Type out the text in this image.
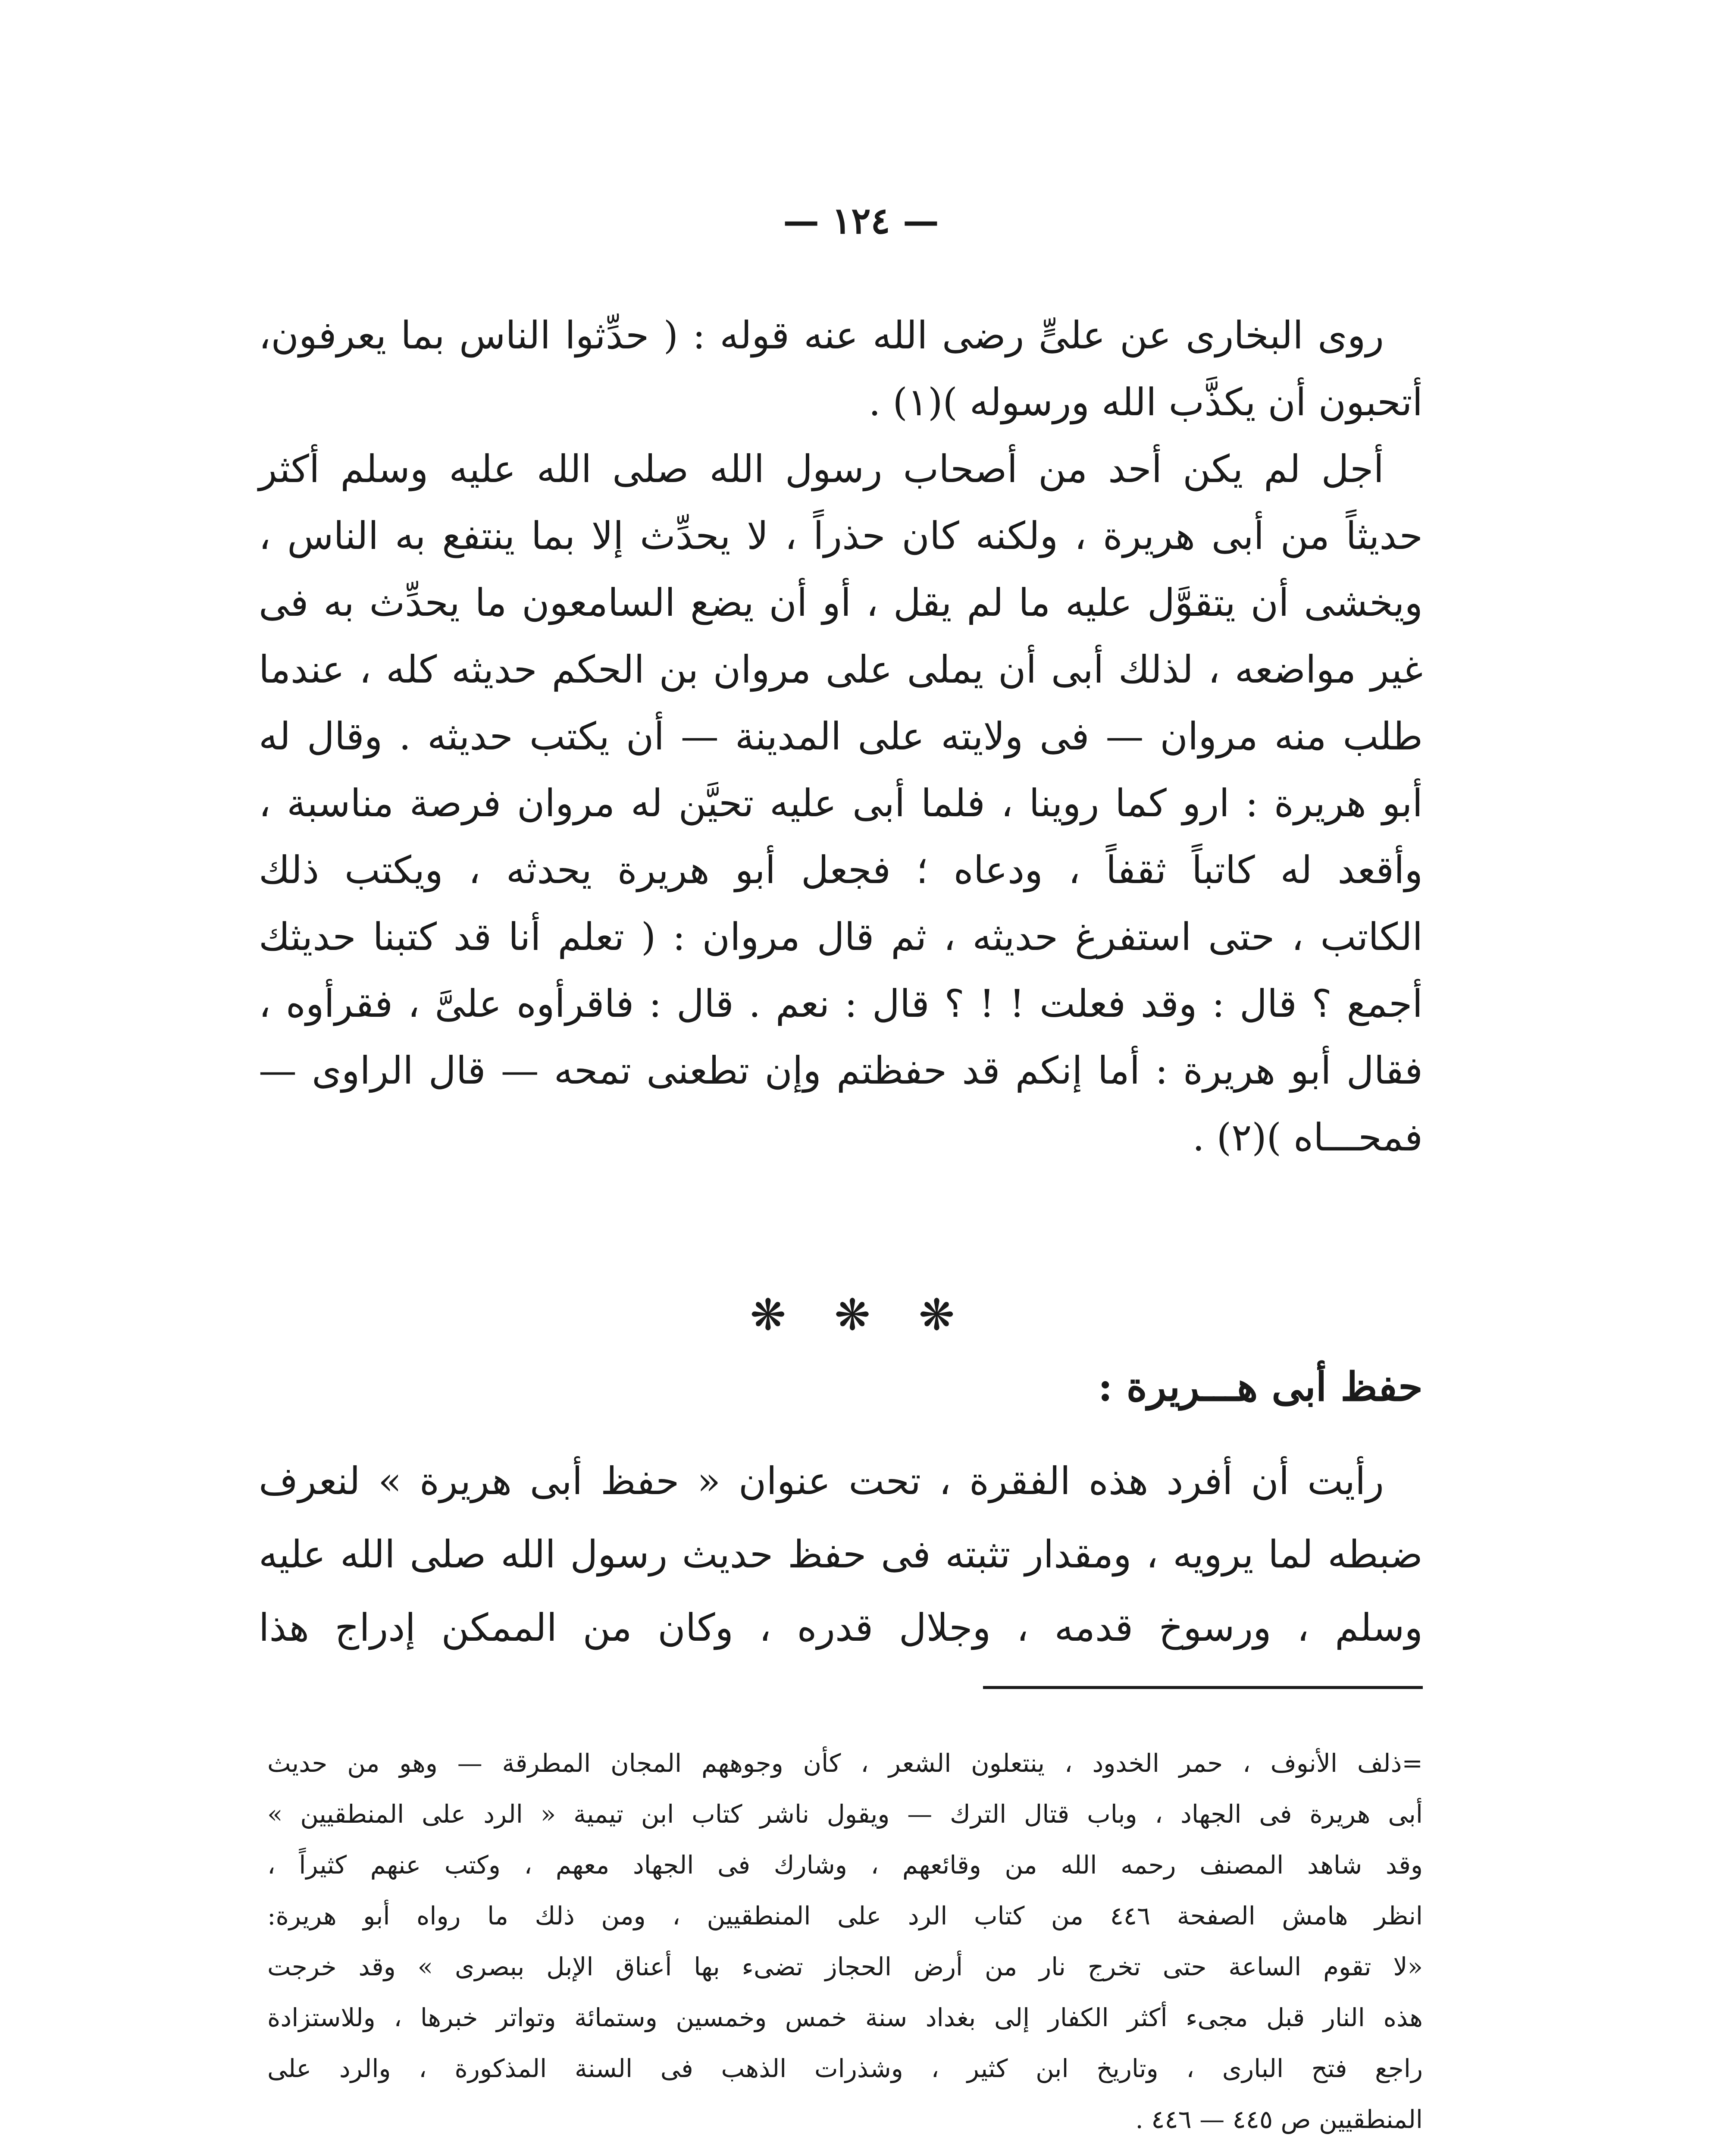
— ١٢٤ —

روى البخارى عن علىٍّ رضى الله عنه قوله : ( حدِّثوا الناس بما يعرفون،
أتحبون أن يكذَّب الله ورسوله )(١) .

أجل لم يكن أحد من أصحاب رسول الله صلى الله عليه وسلم أكثر
حديثاً من أبى هريرة ، ولكنه كان حذراً ، لا يحدِّث إلا بما ينتفع به الناس ،
ويخشى أن يتقوَّل عليه ما لم يقل ، أو أن يضع السامعون ما يحدِّث به فى
غير مواضعه ، لذلك أبى أن يملى على مروان بن الحكم حديثه كله ، عندما
طلب منه مروان — فى ولايته على المدينة — أن يكتب حديثه . وقال له
أبو هريرة : ارو كما روينا ، فلما أبى عليه تحيَّن له مروان فرصة مناسبة ،
وأقعد له كاتباً ثقفاً ، ودعاه ؛ فجعل أبو هريرة يحدثه ، ويكتب ذلك
الكاتب ، حتى استفرغ حديثه ، ثم قال مروان : ( تعلم أنا قد كتبنا حديثك
أجمع ؟ قال : وقد فعلت ! ! ؟ قال : نعم . قال : فاقرأوه علىَّ ، فقرأوه ،
فقال أبو هريرة : أما إنكم قد حفظتم وإن تطعنى تمحه — قال الراوى —
فمحـــاه )(٢) .

❋ ❋ ❋
حفظ أبى هـــريرة :
رأيت أن أفرد هذه الفقرة ، تحت عنوان « حفظ أبى هريرة » لنعرف
ضبطه لما يرويه ، ومقدار تثبته فى حفظ حديث رسول الله صلى الله عليه
وسلم ، ورسوخ قدمه ، وجلال قدره ، وكان من الممكن إدراج هذا
=ذلف الأنوف ، حمر الخدود ، ينتعلون الشعر ، كأن وجوههم المجان المطرقة — وهو من حديث
أبى هريرة فى الجهاد ، وباب قتال الترك — ويقول ناشر كتاب ابن تيمية « الرد على المنطقيين »
وقد شاهد المصنف رحمه الله من وقائعهم ، وشارك فى الجهاد معهم ، وكتب عنهم كثيراً ،
انظر هامش الصفحة ٤٤٦ من كتاب الرد على المنطقيين ، ومن ذلك ما رواه أبو هريرة:
«لا تقوم الساعة حتى تخرج نار من أرض الحجاز تضىء بها أعناق الإبل ببصرى » وقد خرجت
هذه النار قبل مجىء أكثر الكفار إلى بغداد سنة خمس وخمسين وستمائة وتواتر خبرها ، وللاستزادة
راجع فتح البارى ، وتاريخ ابن كثير ، وشذرات الذهب فى السنة المذكورة ، والرد على
المنطقيين ص ٤٤٥ — ٤٤٦ .
